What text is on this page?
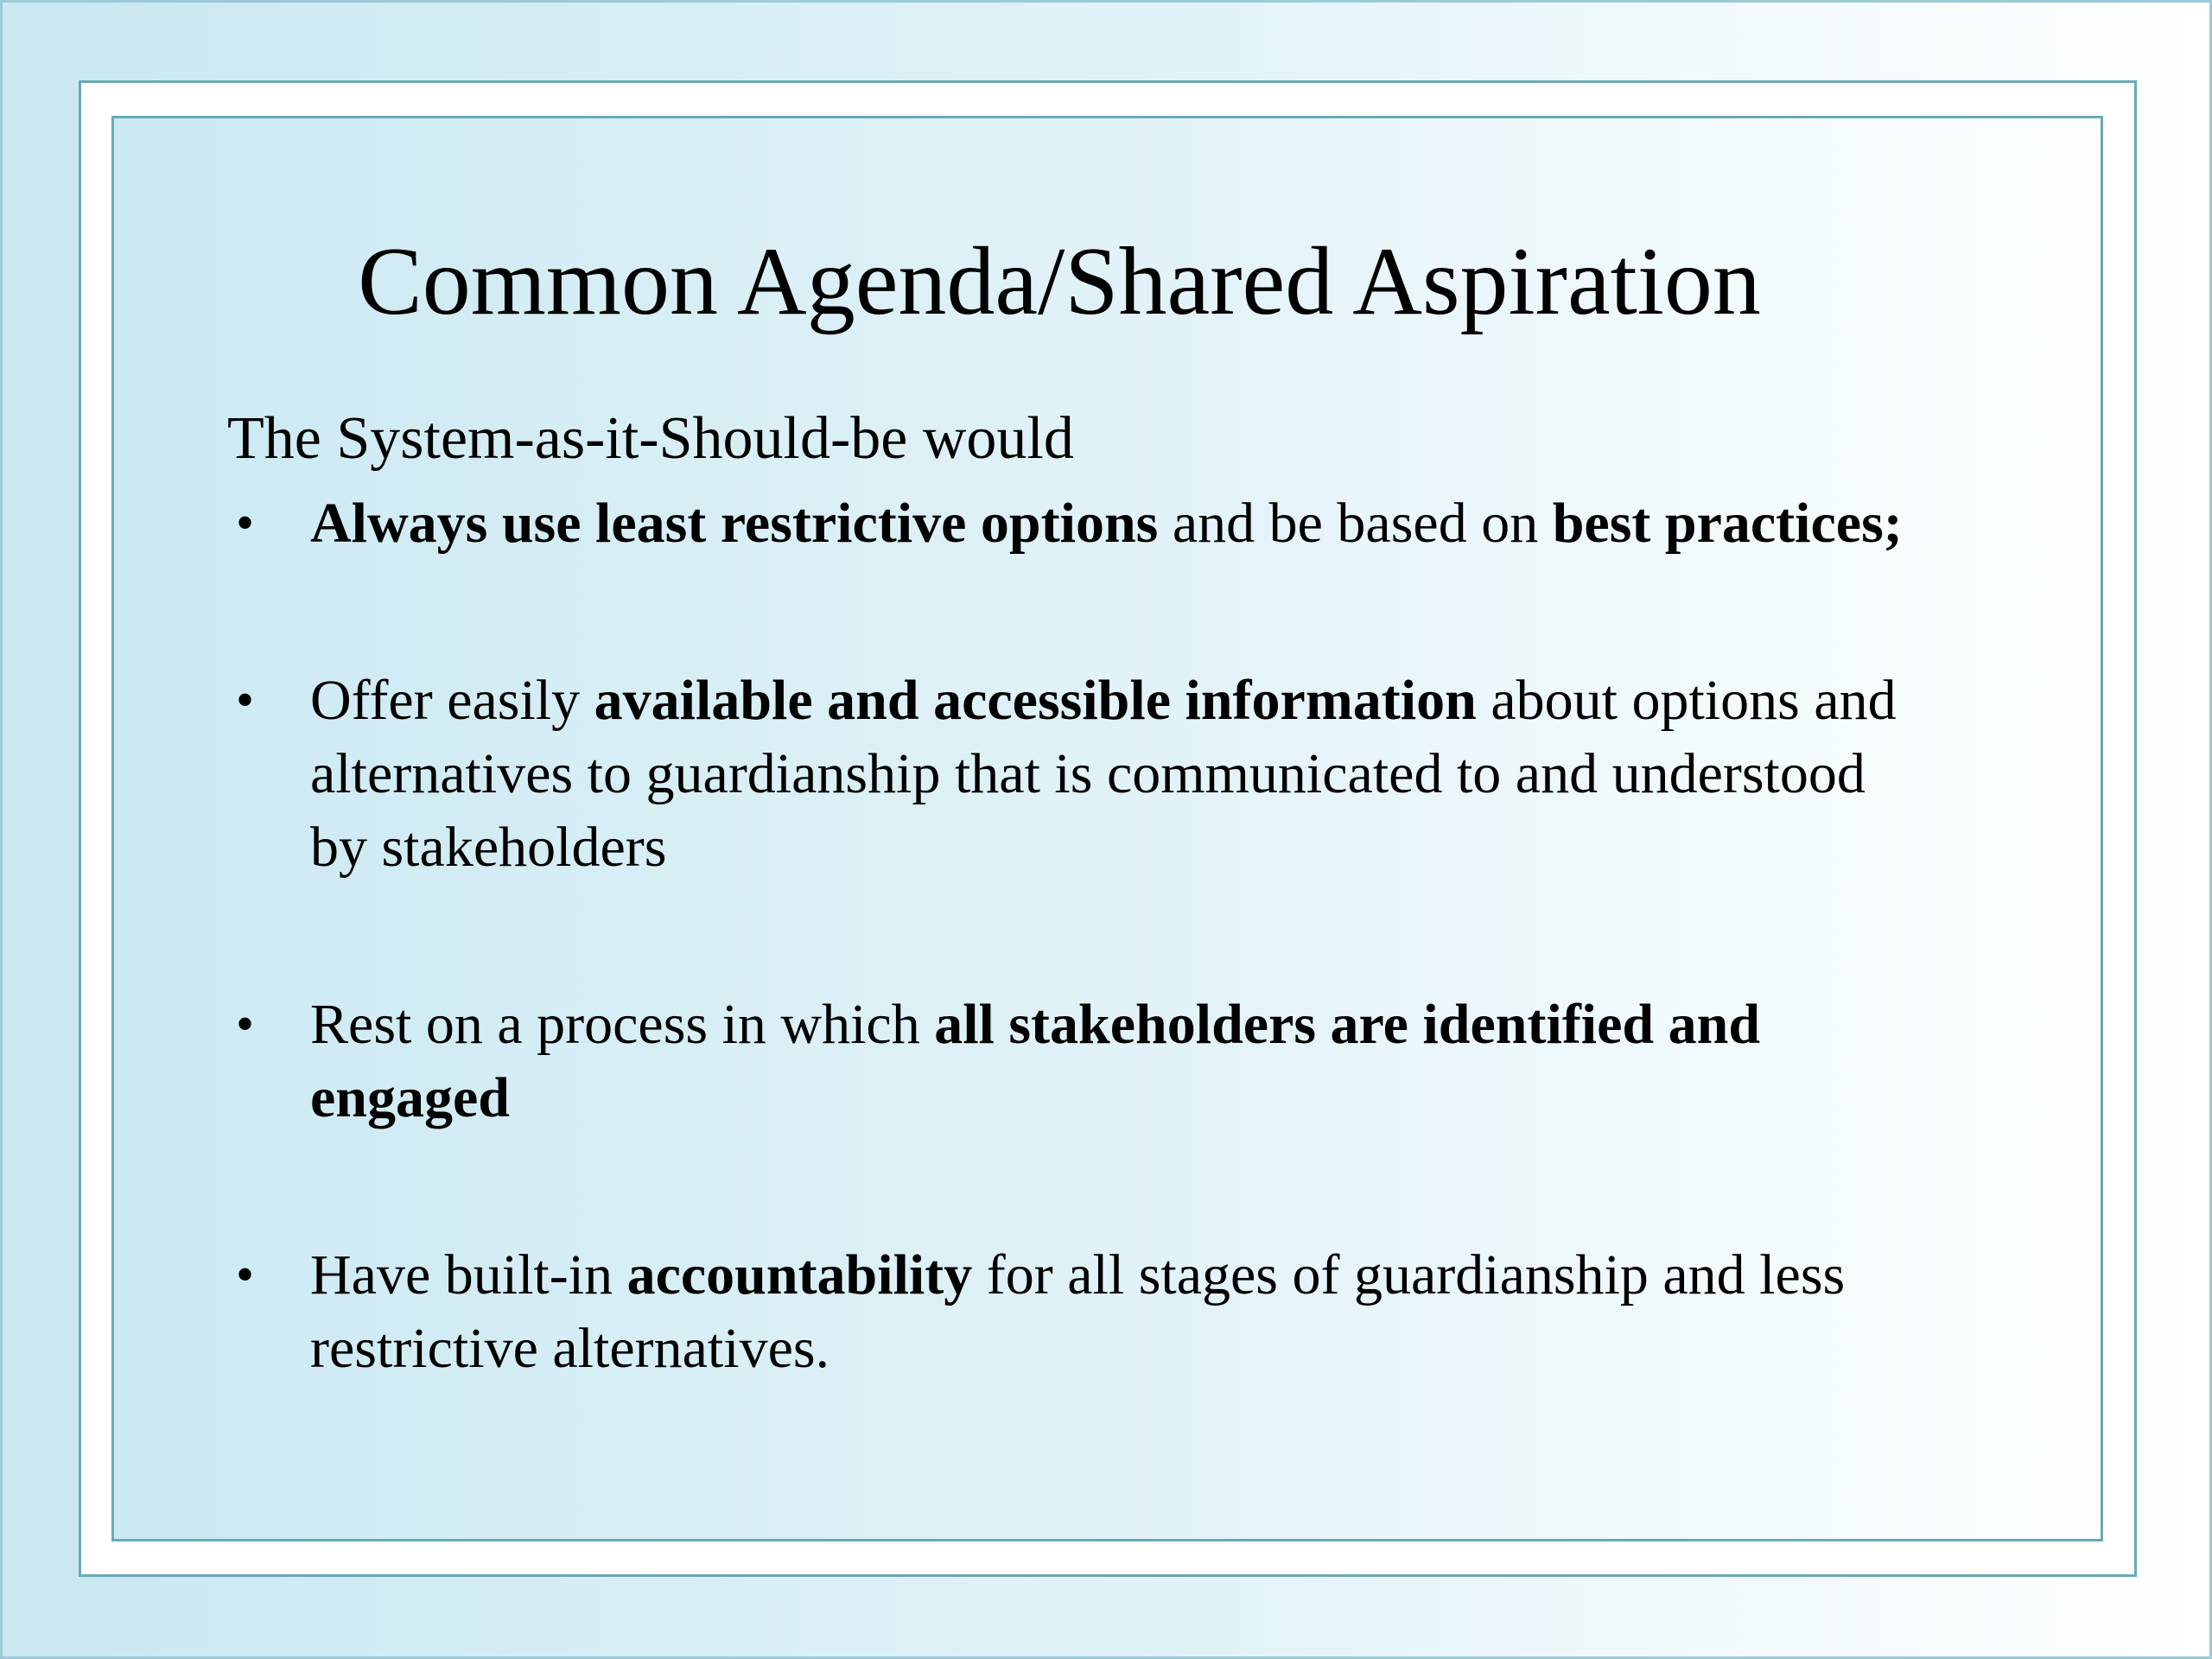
Common Agenda/Shared Aspiration
The System-as-it-Should-be would
• Always use least restrictive options and be based on best practices;
• Offer easily available and accessible information about options and alternatives to guardianship that is communicated to and understood by stakeholders
• Rest on a process in which all stakeholders are identified and engaged
• Have built-in accountability for all stages of guardianship and less restrictive alternatives.
